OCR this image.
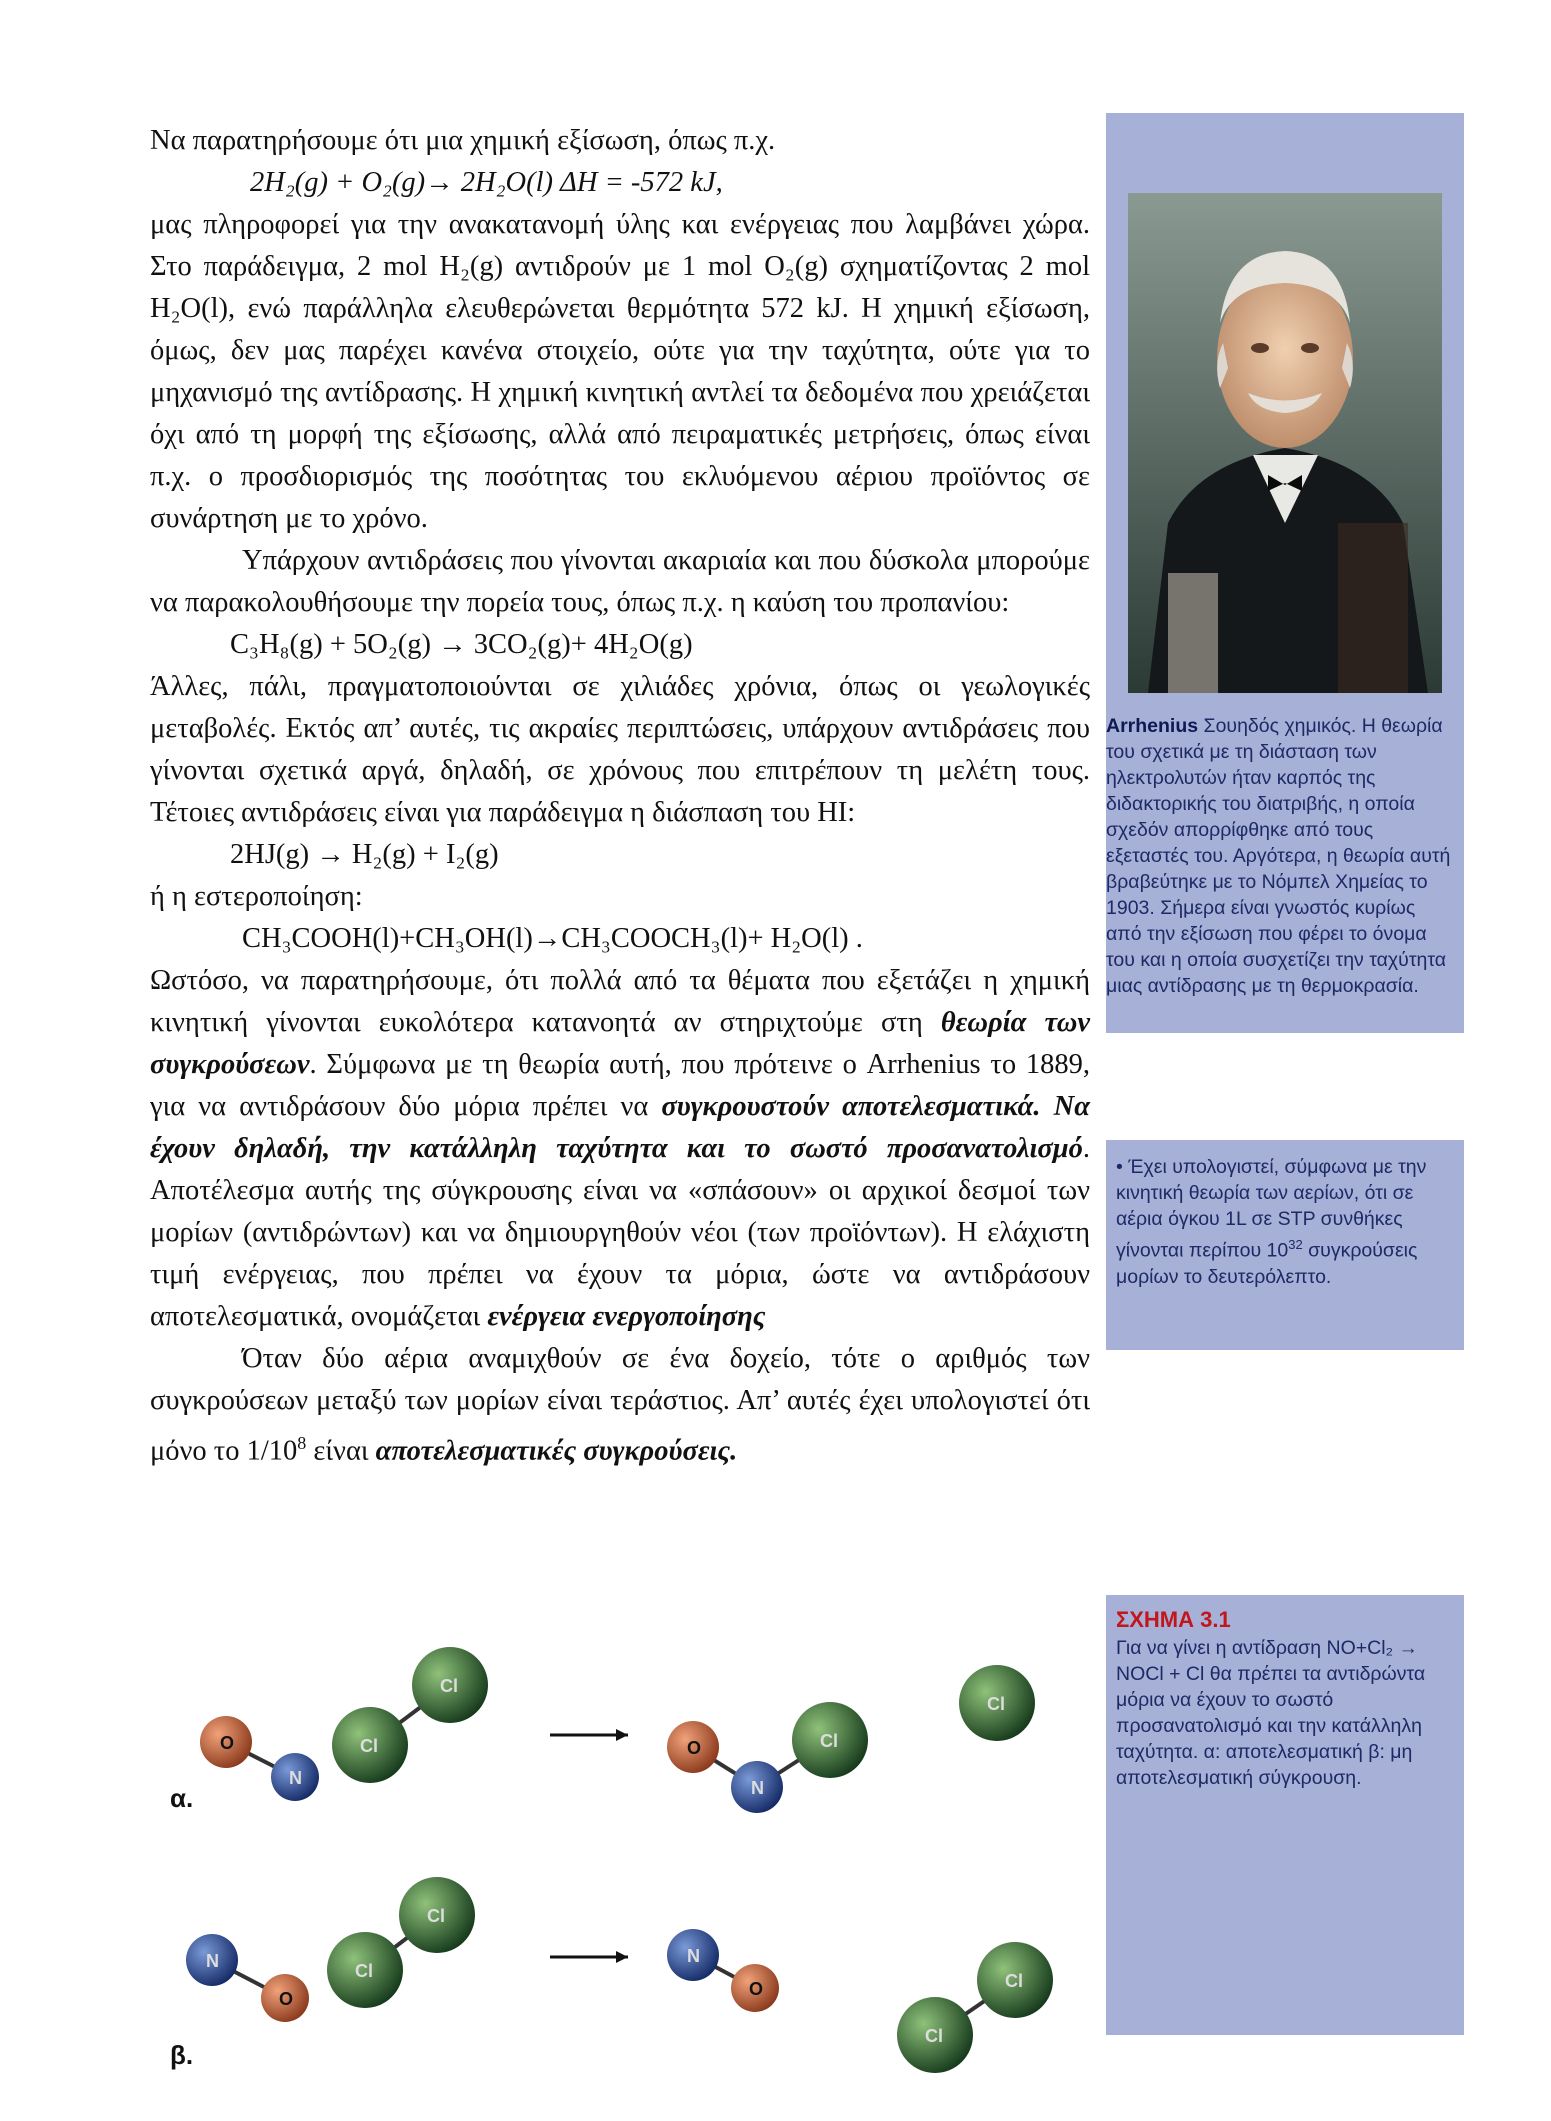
Να παρατηρήσουμε ότι μια χημική εξίσωση, όπως π.χ.

2H₂(g) + O₂(g)→ 2H₂O(l) ΔH = -572 kJ,

μας πληροφορεί για την ανακατανομή ύλης και ενέργειας που λαμβάνει χώρα. Στο παράδειγμα, 2 mol H₂(g) αντιδρούν με 1 mol O₂(g) σχηματίζοντας 2 mol H₂O(l), ενώ παράλληλα ελευθερώνεται θερμότητα 572 kJ. Η χημική εξίσωση, όμως, δεν μας παρέχει κανένα στοιχείο, ούτε για την ταχύτητα, ούτε για το μηχανισμό της αντίδρασης. Η χημική κινητική αντλεί τα δεδομένα που χρειάζεται όχι από τη μορφή της εξίσωσης, αλλά από πειραματικές μετρήσεις, όπως είναι π.χ. ο προσδιορισμός της ποσότητας του εκλυόμενου αέριου προϊόντος σε συνάρτηση με το χρόνο.

Υπάρχουν αντιδράσεις που γίνονται ακαριαία και που δύσκολα μπορούμε να παρακολουθήσουμε την πορεία τους, όπως π.χ. η καύση του προπανίου:

C₃H₈(g) + 5O₂(g) → 3CO₂(g)+ 4H₂O(g)

Άλλες, πάλι, πραγματοποιούνται σε χιλιάδες χρόνια, όπως οι γεωλογικές μεταβολές. Εκτός απ’ αυτές, τις ακραίες περιπτώσεις, υπάρχουν αντιδράσεις που γίνονται σχετικά αργά, δηλαδή, σε χρόνους που επιτρέπουν τη μελέτη τους. Τέτοιες αντιδράσεις είναι για παράδειγμα η διάσπαση του HI:

2HJ(g) → H₂(g) + I₂(g)

ή η εστεροποίηση:

CH₃COOH(l)+CH₃OH(l)→CH₃COOCH₃(l)+ H₂O(l) .

Ωστόσο, να παρατηρήσουμε, ότι πολλά από τα θέματα που εξετάζει η χημική κινητική γίνονται ευκολότερα κατανοητά αν στηριχτούμε στη θεωρία των συγκρούσεων. Σύμφωνα με τη θεωρία αυτή, που πρότεινε ο Arrhenius το 1889, για να αντιδράσουν δύο μόρια πρέπει να συγκρουστούν αποτελεσματικά. Να έχουν δηλαδή, την κατάλληλη ταχύτητα και το σωστό προσανατολισμό. Αποτέλεσμα αυτής της σύγκρουσης είναι να «σπάσουν» οι αρχικοί δεσμοί των μορίων (αντιδρώντων) και να δημιουργηθούν νέοι (των προϊόντων). Η ελάχιστη τιμή ενέργειας, που πρέπει να έχουν τα μόρια, ώστε να αντιδράσουν αποτελεσματικά, ονομάζεται ενέργεια ενεργοποίησης

Όταν δύο αέρια αναμιχθούν σε ένα δοχείο, τότε ο αριθμός των συγκρούσεων μεταξύ των μορίων είναι τεράστιος. Απ’ αυτές έχει υπολογιστεί ότι μόνο το $1/10^8$ είναι αποτελεσματικές συγκρούσεις.

Arrhenius Σουηδός χημικός. Η θεωρία του σχετικά με τη διάσταση των ηλεκτρολυτών ήταν καρπός της διδακτορικής του διατριβής, η οποία σχεδόν απορρίφθηκε από τους εξεταστές του. Αργότερα, η θεωρία αυτή βραβεύτηκε με το Νόμπελ Χημείας το 1903. Σήμερα είναι γνωστός κυρίως από την εξίσωση που φέρει το όνομα του και η οποία συσχετίζει την ταχύτητα μιας αντίδρασης με τη θερμοκρασία.
• Έχει υπολογιστεί, σύμφωνα με την κινητική θεωρία των αερίων, ότι σε αέρια όγκου 1L σε STP συνθήκες γίνονται περίπου $10^{32}$ συγκρούσεις μορίων το δευτερόλεπτο.
ΣΧΗΜΑ 3.1
Για να γίνει η αντίδραση NO+Cl₂ → NOCl + Cl θα πρέπει τα αντιδρώντα μόρια να έχουν το σωστό προσανατολισμό και την κατάλληλη ταχύτητα. α: αποτελεσματική β: μη αποτελεσματική σύγκρουση.
O
N
Cl
Cl
O
N
Cl
Cl
N
O
Cl
Cl
N
O	Cl
Cl
α.
β.
